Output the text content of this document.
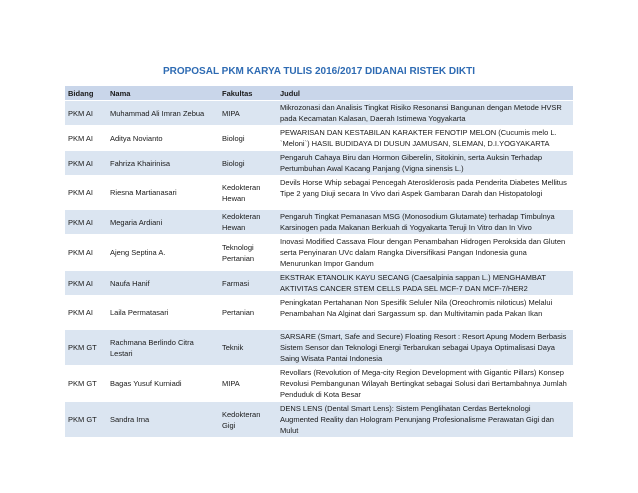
PROPOSAL PKM KARYA TULIS 2016/2017 DIDANAI RISTEK DIKTI
Bidang	Nama	Fakultas	Judul
PKM AI	Muhammad Ali Imran Zebua	MIPA	Mikrozonasi dan Analisis Tingkat Risiko Resonansi Bangunan dengan Metode HVSR pada Kecamatan Kalasan, Daerah Istimewa Yogyakarta
PKM AI	Aditya Novianto	Biologi	PEWARISAN DAN KESTABILAN KARAKTER FENOTIP MELON (Cucumis melo L. `Meloni`) HASIL BUDIDAYA DI DUSUN JAMUSAN, SLEMAN, D.I.YOGYAKARTA
PKM AI	Fahriza Khairinisa	Biologi	Pengaruh Cahaya Biru dan Hormon Giberelin, Sitokinin, serta Auksin Terhadap Pertumbuhan Awal Kacang Panjang (Vigna sinensis L.)
PKM AI	Riesna Martianasari	Kedokteran Hewan	Devils Horse Whip sebagai Pencegah Aterosklerosis pada Penderita Diabetes Mellitus Tipe 2 yang Diuji secara In Vivo dari Aspek Gambaran Darah dan Histopatologi
PKM AI	Megaria Ardiani	Kedokteran Hewan	Pengaruh Tingkat Pemanasan MSG (Monosodium Glutamate) terhadap Timbulnya Karsinogen pada Makanan Berkuah di Yogyakarta Teruji In Vitro dan In Vivo
PKM AI	Ajeng Septina A.	Teknologi Pertanian	Inovasi Modified Cassava Flour dengan Penambahan Hidrogen Peroksida dan Gluten serta Penyinaran UVc dalam Rangka Diversifikasi Pangan Indonesia guna Menurunkan Impor Gandum
PKM AI	Naufa Hanif	Farmasi	EKSTRAK ETANOLIK KAYU SECANG (Caesalpinia sappan L.) MENGHAMBAT AKTIVITAS CANCER STEM CELLS PADA SEL MCF-7 DAN MCF-7/HER2
PKM AI	Laila Permatasari	Pertanian	Peningkatan Pertahanan Non Spesifik Seluler Nila (Oreochromis niloticus) Melalui Penambahan Na Alginat dari Sargassum sp. dan Multivitamin pada Pakan Ikan
PKM GT	Rachmana Berlindo Citra Lestari	Teknik	SARSARE (Smart, Safe and Secure) Floating Resort : Resort Apung Modern Berbasis Sistem Sensor dan Teknologi Energi Terbarukan sebagai Upaya Optimalisasi Daya Saing Wisata Pantai Indonesia
PKM GT	Bagas Yusuf Kurniadi	MIPA	Revollars (Revolution of Mega-city Region Development with Gigantic Pillars) Konsep Revolusi Pembangunan Wilayah Bertingkat sebagai Solusi dari Bertambahnya Jumlah Penduduk di Kota Besar
PKM GT	Sandra Irna	Kedokteran Gigi	DENS LENS (Dental Smart Lens): Sistem Penglihatan Cerdas Berteknologi Augmented Reality dan Hologram Penunjang Profesionalisme Perawatan Gigi dan Mulut
